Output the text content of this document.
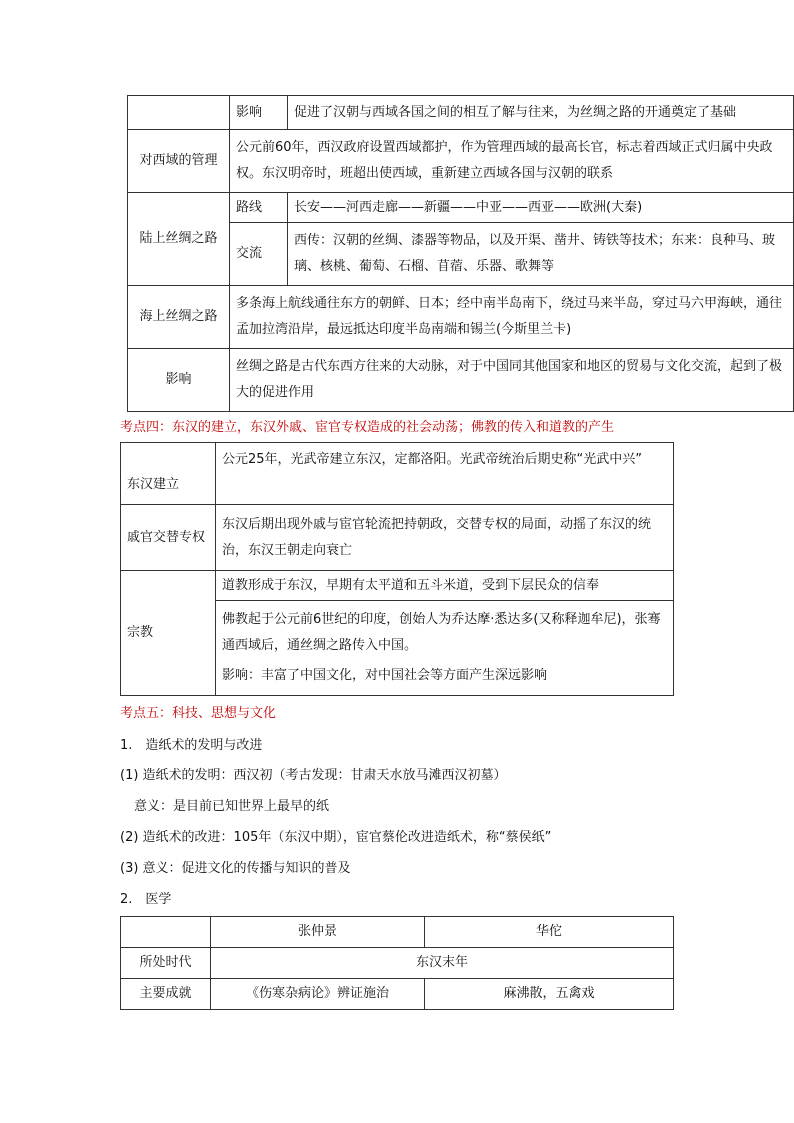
	影响	促进了汉朝与西域各国之间的相互了解与往来，为丝绸之路的开通奠定了基础
对西域的管理	公元前60年，西汉政府设置西域都护，作为管理西域的最高长官，标志着西域正式归属中央政权。东汉明帝时，班超出使西域，重新建立西域各国与汉朝的联系	
陆上丝绸之路	路线	长安——河西走廊——新疆——中亚——西亚——欧洲(大秦)
	交流	西传：汉朝的丝绸、漆器等物品，以及开渠、凿井、铸铁等技术；东来：良种马、玻璃、核桃、葡萄、石榴、苜蓿、乐器、歌舞等
海上丝绸之路	多条海上航线通往东方的朝鲜、日本；经中南半岛南下，绕过马来半岛，穿过马六甲海峡，通往孟加拉湾沿岸，最远抵达印度半岛南端和锡兰(今斯里兰卡)	
影响	丝绸之路是古代东西方往来的大动脉，对于中国同其他国家和地区的贸易与文化交流，起到了极大的促进作用	
考点四：东汉的建立，东汉外戚、宦官专权造成的社会动荡；佛教的传入和道教的产生
东汉建立	公元25年，光武帝建立东汉，定都洛阳。光武帝统治后期史称“光武中兴”
戚官交替专权	东汉后期出现外戚与宦官轮流把持朝政，交替专权的局面，动摇了东汉的统治，东汉王朝走向衰亡
宗教	道教形成于东汉，早期有太平道和五斗米道，受到下层民众的信奉

	佛教起于公元前6世纪的印度，创始人为乔达摩·悉达多(又称释迦牟尼)，张骞通西域后，通丝绸之路传入中国。
影响：丰富了中国文化，对中国社会等方面产生深远影响
考点五：科技、思想与文化
1.　造纸术的发明与改进
(1) 造纸术的发明：西汉初（考古发现：甘肃天水放马滩西汉初墓）
意义：是目前已知世界上最早的纸
(2) 造纸术的改进：105年（东汉中期），宦官蔡伦改进造纸术，称“蔡侯纸”
(3) 意义：促进文化的传播与知识的普及
2.　医学
	张仲景	华佗
所处时代	东汉末年	
主要成就	《伤寒杂病论》辨证施治	麻沸散，五禽戏
